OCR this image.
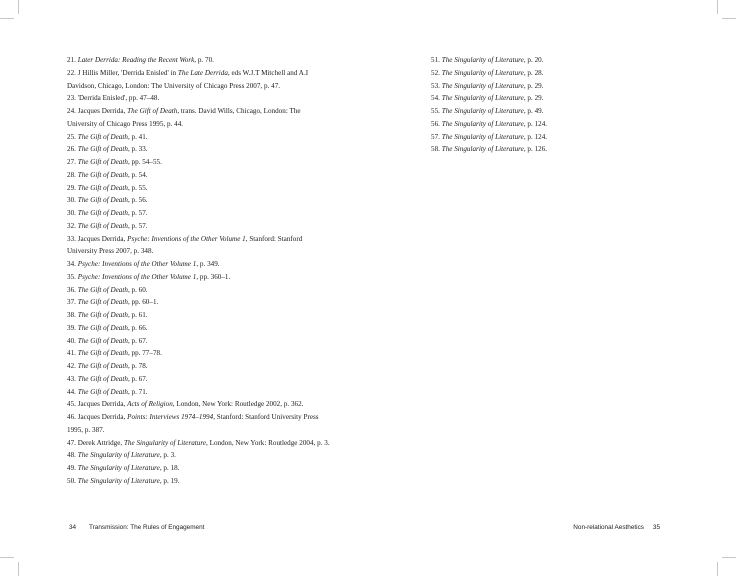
21. Later Derrida: Reading the Recent Work, p. 70.

22. J Hillis Miller, 'Derrida Enisled' in The Late Derrida, eds W.J.T Mitchell and A.I Davidson, Chicago, London: The University of Chicago Press 2007, p. 47.

23. 'Derrida Enisled', pp. 47–48.

24. Jacques Derrida, The Gift of Death, trans. David Wills, Chicago, London: The University of Chicago Press 1995, p. 44.

25. The Gift of Death, p. 41.

26. The Gift of Death, p. 33.

27. The Gift of Death, pp. 54–55.

28. The Gift of Death, p. 54.

29. The Gift of Death, p. 55.

30. The Gift of Death, p. 56.

30. The Gift of Death, p. 57.

32. The Gift of Death, p. 57.

33. Jacques Derrida, Psyche: Inventions of the Other Volume 1, Stanford: Stanford University Press 2007, p. 348.

34. Psyche: Inventions of the Other Volume 1, p. 349.

35. Psyche: Inventions of the Other Volume 1, pp. 360–1.

36. The Gift of Death, p. 60.

37. The Gift of Death, pp. 60–1.

38. The Gift of Death, p. 61.

39. The Gift of Death, p. 66.

40. The Gift of Death, p. 67.

41. The Gift of Death, pp. 77–78.

42. The Gift of Death, p. 78.

43. The Gift of Death, p. 67.

44. The Gift of Death, p. 71.

45. Jacques Derrida, Acts of Religion, London, New York: Routledge 2002, p. 362.

46. Jacques Derrida, Points: Interviews 1974–1994, Stanford: Stanford University Press 1995, p. 387.

47. Derek Attridge, The Singularity of Literature, London, New York: Routledge 2004, p. 3.

48. The Singularity of Literature, p. 3.

49. The Singularity of Literature, p. 18.

50. The Singularity of Literature, p. 19.

51. The Singularity of Literature, p. 20.

52. The Singularity of Literature, p. 28.

53. The Singularity of Literature, p. 29.

54. The Singularity of Literature, p. 29.

55. The Singularity of Literature, p. 49.

56. The Singularity of Literature, p. 124.

57. The Singularity of Literature, p. 124.

58. The Singularity of Literature, p. 126.

34 Transmission: The Rules of Engagement	Non-relational Aesthetics 35
